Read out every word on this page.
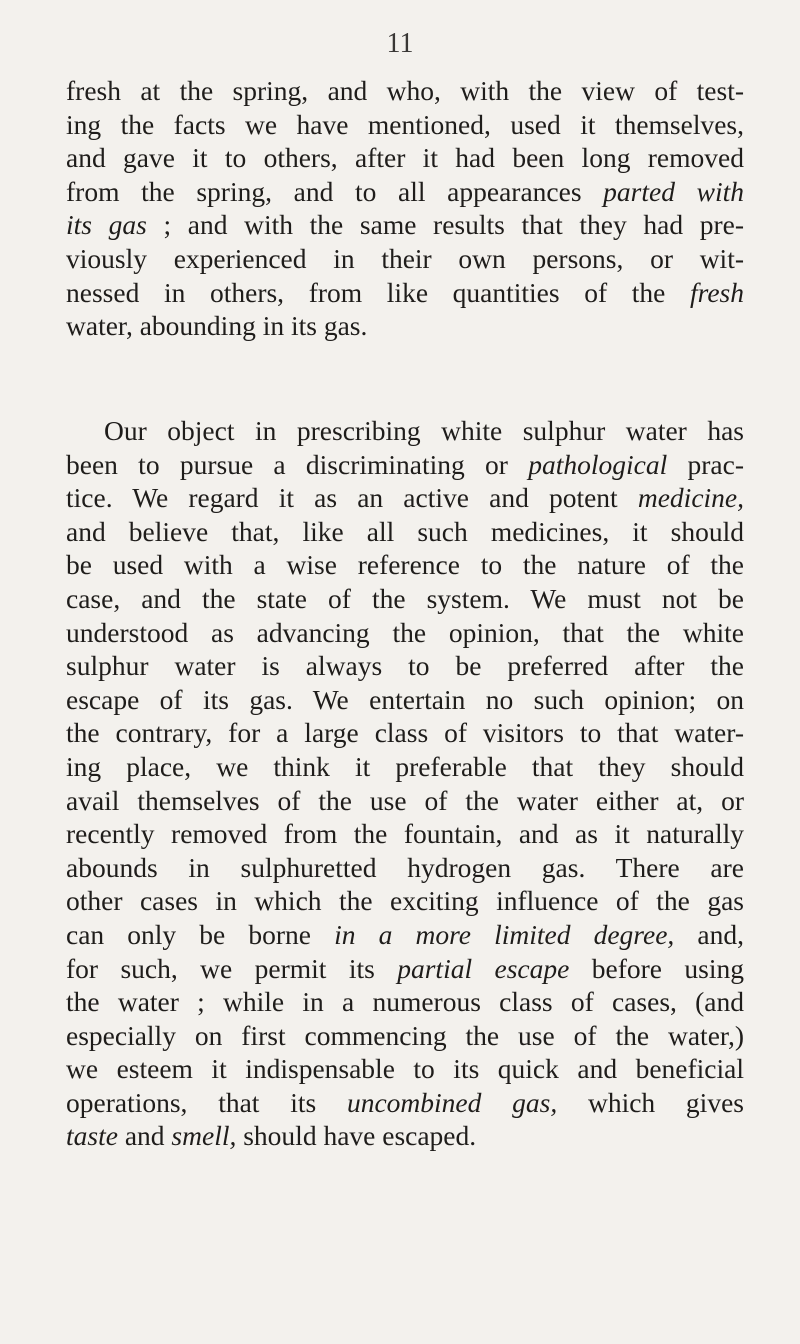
11
fresh at the spring, and who, with the view of test-
ing the facts we have mentioned, used it themselves,
and gave it to others, after it had been long removed
from the spring, and to all appearances parted with
its gas ; and with the same results that they had pre-
viously experienced in their own persons, or wit-
nessed in others, from like quantities of the fresh
water, abounding in its gas.
Our object in prescribing white sulphur water has
been to pursue a discriminating or pathological prac-
tice. We regard it as an active and potent medicine,
and believe that, like all such medicines, it should
be used with a wise reference to the nature of the
case, and the state of the system. We must not be
understood as advancing the opinion, that the white
sulphur water is always to be preferred after the
escape of its gas. We entertain no such opinion; on
the contrary, for a large class of visitors to that water-
ing place, we think it preferable that they should
avail themselves of the use of the water either at, or
recently removed from the fountain, and as it naturally
abounds in sulphuretted hydrogen gas. There are
other cases in which the exciting influence of the gas
can only be borne in a more limited degree, and,
for such, we permit its partial escape before using
the water ; while in a numerous class of cases, (and
especially on first commencing the use of the water,)
we esteem it indispensable to its quick and beneficial
operations, that its uncombined gas, which gives
taste and smell, should have escaped.
